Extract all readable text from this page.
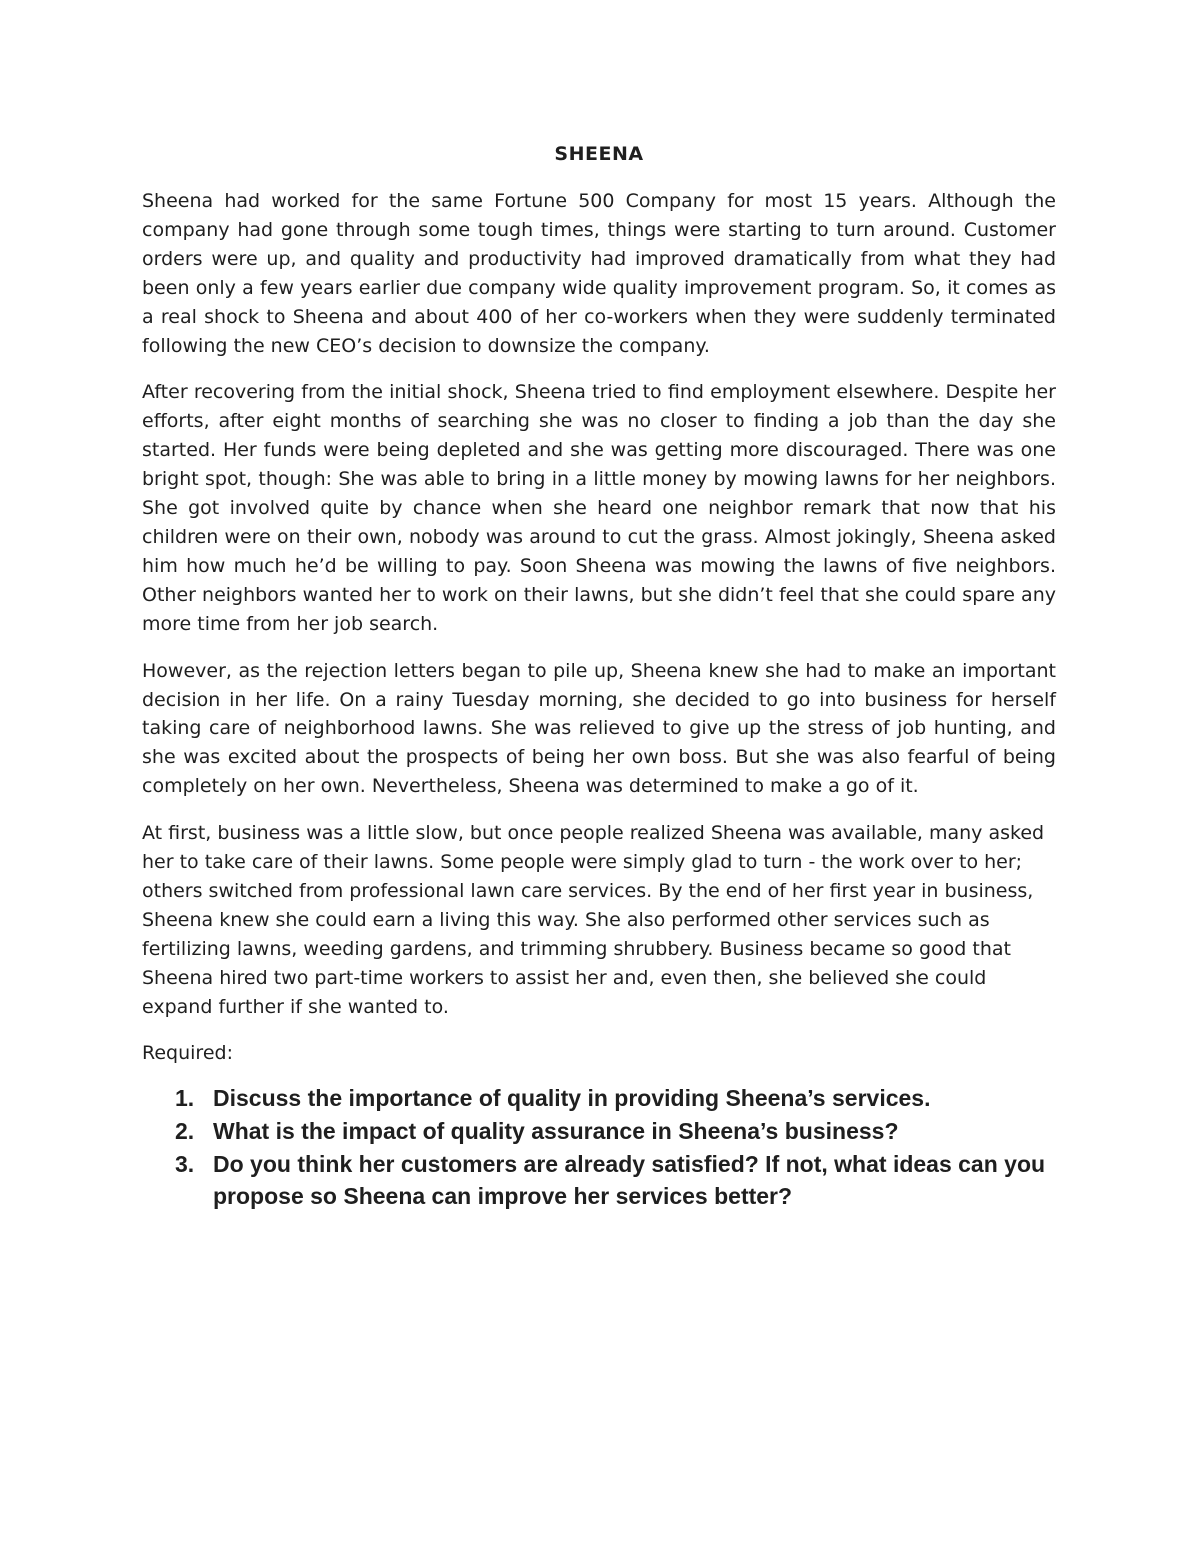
SHEENA

Sheena had worked for the same Fortune 500 Company for most 15 years. Although the company had gone through some tough times, things were starting to turn around. Customer orders were up, and quality and productivity had improved dramatically from what they had been only a few years earlier due company wide quality improvement program. So, it comes as a real shock to Sheena and about 400 of her co-workers when they were suddenly terminated following the new CEO’s decision to downsize the company.

After recovering from the initial shock, Sheena tried to find employment elsewhere. Despite her efforts, after eight months of searching she was no closer to finding a job than the day she started. Her funds were being depleted and she was getting more discouraged. There was one bright spot, though: She was able to bring in a little money by mowing lawns for her neighbors. She got involved quite by chance when she heard one neighbor remark that now that his children were on their own, nobody was around to cut the grass. Almost jokingly, Sheena asked him how much he’d be willing to pay. Soon Sheena was mowing the lawns of five neighbors. Other neighbors wanted her to work on their lawns, but she didn’t feel that she could spare any more time from her job search.

However, as the rejection letters began to pile up, Sheena knew she had to make an important decision in her life. On a rainy Tuesday morning, she decided to go into business for herself taking care of neighborhood lawns. She was relieved to give up the stress of job hunting, and she was excited about the prospects of being her own boss. But she was also fearful of being completely on her own. Nevertheless, Sheena was determined to make a go of it.

At first, business was a little slow, but once people realized Sheena was available, many asked her to take care of their lawns. Some people were simply glad to turn - the work over to her; others switched from professional lawn care services. By the end of her first year in business, Sheena knew she could earn a living this way. She also performed other services such as fertilizing lawns, weeding gardens, and trimming shrubbery. Business became so good that Sheena hired two part-time workers to assist her and, even then, she believed she could expand further if she wanted to.

Required:
1. Discuss the importance of quality in providing Sheena’s services.
2. What is the impact of quality assurance in Sheena’s business?
3. Do you think her customers are already satisfied? If not, what ideas can you propose so Sheena can improve her services better?
